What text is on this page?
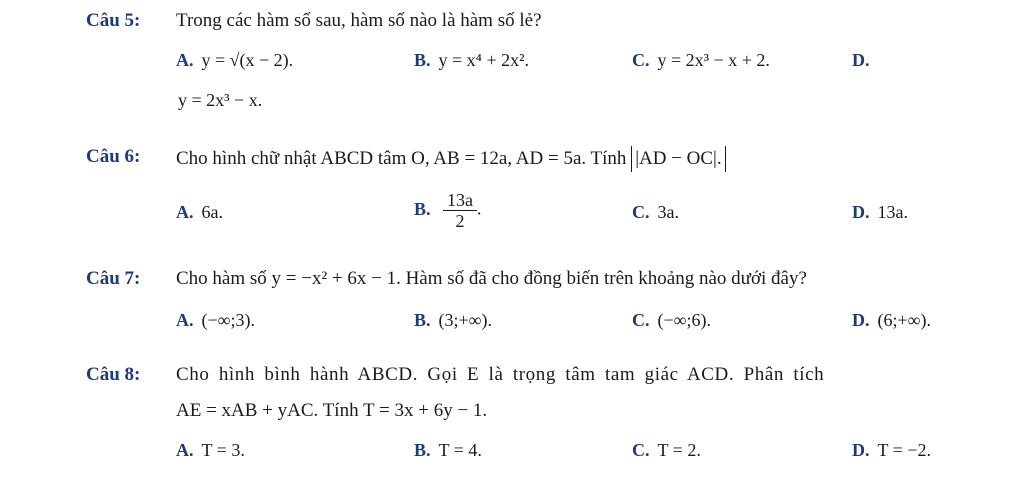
Câu 5: Trong các hàm số sau, hàm số nào là hàm số lẻ?
A. y = √(x − 2).	B. y = x⁴ + 2x².	C. y = 2x³ − x + 2.	D.
y = 2x³ − x.
Câu 6: Cho hình chữ nhật ABCD tâm O, AB = 12a, AD = 5a. Tính |AD − OC|.
A. 6a.	B. $\frac{13a}{2}$ .	C. 3a.	D. 13a.
Câu 7: Cho hàm số y = −x² + 6x − 1. Hàm số đã cho đồng biến trên khoảng nào dưới đây?
A. (−∞;3).	B. (3;+∞).	C. (−∞;6).	D. (6;+∞).
Câu 8: Cho hình bình hành ABCD. Gọi E là trọng tâm tam giác ACD. Phân tích
AE = xAB + yAC. Tính T = 3x + 6y − 1.
A. T = 3.	B. T = 4.	C. T = 2.	D. T = −2.
